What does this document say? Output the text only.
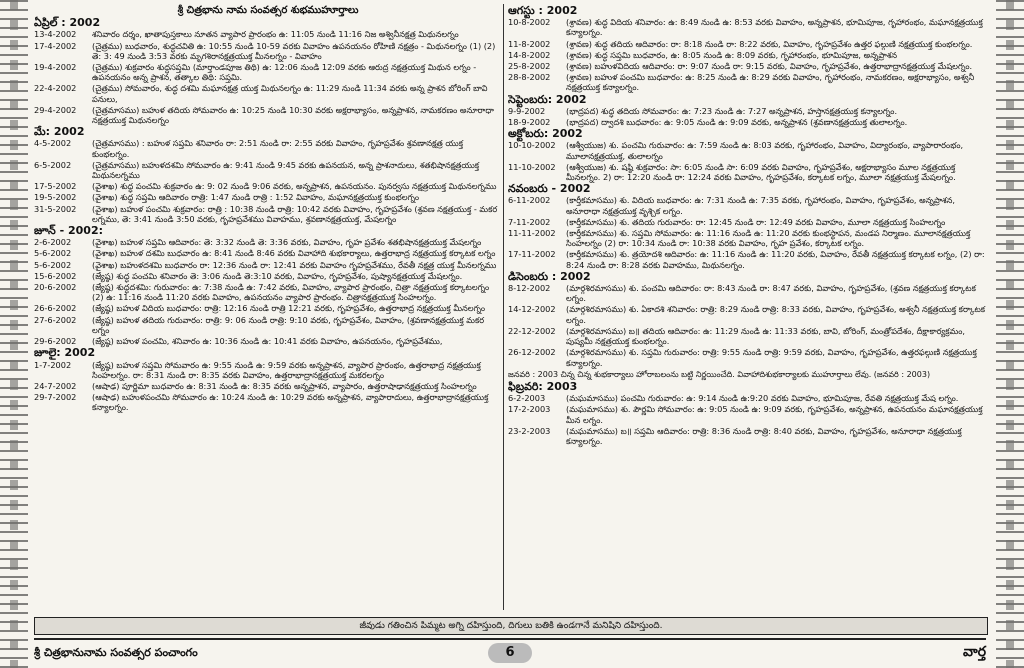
శ్రీ చిత్రభాను నామ సంవత్సర శుభముహూర్తాలు
ఏప్రిల్ : 2002
13-4-2002	శనివారం దర్శం, ఖాతాపుస్తకాలు నూతన వ్యాపార ప్రారంభం ఉ: 11:05 నుండి 11:16 నిజ అశ్వినీనక్షత్ర మిథునలగ్నం
17-4-2002	(చైత్రము) బుధవారం, శుద్ధచవితి ఉ: 10:55 నుండి 10-59 వరకు వివాహం ఉపనయనం రోహిణి నక్షత్రం - మిథునలగ్నం (1) (2) తె: 3: 49 నుండి 3:53 వరకు మృగశిరానక్షత్రయుక్త మీనలగ్నం - వివాహం
19-4-2002	(చైత్రము) శుక్రవారం శుద్ధసప్తమి (మార్తాండపూజ తిథి) ఉ: 12:06 నుండి 12:09 వరకు ఆరుద్ర నక్షత్రయుక్త మిథున లగ్నం - ఉపనయనం అన్న ప్రాశన, తత్కాల తిథి: సప్తమి.
22-4-2002	(చైత్రము) సోమవారం, శుద్ధ దశమి మఘానక్షత్ర యుక్త మిథునలగ్నం ఉ: 11:29 నుండి 11:34 వరకు అన్న ప్రాశన బోరింగ్ బావి పనులు,
29-4-2002	(చైత్రమాసము) బహుళ తదియ సోమవారం ఉ: 10:25 నుండి 10:30 వరకు అక్షరాభ్యాసం, అన్నప్రాశన, నామకరణం అనూరాధా నక్షత్రయుక్త మిథునలగ్నం
మే: 2002
4-5-2002	(చైత్రమాసము) : బహుళ సప్తమి శనివారం రా: 2:51 నుండి రా: 2:55 వరకు వివాహం, గృహప్రవేశం శ్రవణానక్షత్ర యుక్త కుంభలగ్నం.
6-5-2002	(చైత్రమాసము) బహుళదశమి సోమవారం ఉ: 9:41 నుండి 9:45 వరకు ఉపనయన, అన్న ప్రాశనాదులు, శతభిషానక్షత్రయుక్త మిథునలగ్నము
17-5-2002	(వైశాఖ) శుద్ధ పంచమి శుక్రవారం ఉ: 9: 02 నుండి 9:06 వరకు, అన్నప్రాశన, ఉపనయనం. పునర్వసు నక్షత్రయుక్త మిథునలగ్నము
19-5-2002	(వైశాఖ) శుద్ధ సప్తమి ఆదివారం రాత్రి: 1:47 నుండి రాత్రి : 1:52 వివాహం, మఘానక్షత్రయుక్త కుంభలగ్నం
31-5-2002	(వైశాఖ) బహుళ పంచమి శుక్రవారం: రాత్రి : 10:38 నుండి రాత్రి: 10:42 వరకు వివాహం, గృహప్రవేశం (శ్రవణ నక్షత్రయుక్త - మకర లగ్నము, తె: 3:41 నుండి 3:50 వరకు, గృహప్రవేశము వివాహము, శ్రవణానక్షత్రయుక్త, మేషలగ్నం
జూన్ - 2002:
2-6-2002	(వైశాఖ) బహుళ సప్తమి ఆదివారం: తె: 3:32 నుండి తె: 3:36 వరకు, వివాహం, గృహ ప్రవేశం శతభిషానక్షత్రయుక్త మేషలగ్నం
5-6-2002	(వైశాఖ) బహుళ దశమి బుధవారం ఉ: 8:41 నుండి 8:46 వరకు వివాహాది శుభకార్యాలు, ఉత్తరాభాద్ర నక్షత్రయుక్త కర్కాటక లగ్నం
5-6-2002	(వైశాఖ) బహుళదశమి బుధవారం రా: 12:36 నుండి రా: 12:41 వరకు వివాహం గృహప్రవేశము, రేవతీ నక్షత్ర యుక్త మీనలగ్నము
15-6-2002	(జ్యేష్ఠ) శుద్ధ పంచమి శనివారం తె: 3:06 నుండి తె:3:10 వరకు, వివాహం, గృహప్రవేశం, పుష్యానక్షత్రయుక్త మేషలగ్నం.
20-6-2002	(జ్యేష్ఠ) శుద్ధదశమి: గురువారం: ఉ: 7:38 నుండి ఉ: 7:42 వరకు, వివాహం, వ్యాపార ప్రారంభం, చిత్రా నక్షత్రయుక్త కర్కాటలగ్నం (2) ఉ: 11:16 నుండి 11:20 వరకు వివాహం, ఉపనయనం వ్యాపార ప్రారంభం. చిత్రానక్షత్రయుక్త సింహలగ్నం.
26-6-2002	(జ్యేష్ఠ) బహుళ విదియ బుధవారం: రాత్రి: 12:16 నుండి రాత్రి 12:21 వరకు, గృహప్రవేశం, ఉత్తరాభాద్ర నక్షత్రయుక్త మీనలగ్నం
27-6-2002	(జ్యేష్ఠ) బహుళ తదియ గురువారం: రాత్రి: 9: 06 నుండి రాత్రి: 9:10 వరకు, గృహప్రవేశం, వివాహం, (శ్రవణానక్షత్రయుక్త మకర లగ్నం
29-6-2002	(జ్యేష్ఠ) బహుళ పంచమి, శనివారం ఉ: 10:36 నుండి ఉ: 10:41 వరకు వివాహం, ఉపనయనం, గృహప్రవేశము,
జూలై: 2002
1-7-2002	(జ్యేష్ఠ) బహుళ సప్తమి సోమవారం ఉ: 9:55 నుండి ఉ: 9:59 వరకు అన్నప్రాశన, వ్యాపార ప్రారంభం, ఉత్తరాభాద్ర నక్షత్రయుక్త సింహలగ్నం. రా: 8:31 నుండి రా: 8:35 వరకు వివాహం, ఉత్తరాభాద్రానక్షత్రయుక్త మకరలగ్నం
24-7-2002	(ఆషాఢ) పూర్ణిమా బుధవారం ఉ: 8:31 నుండి ఉ: 8:35 వరకు అన్నప్రాశన, వ్యాపారం, ఉత్తరాషాఢానక్షత్రయుక్త సింహలగ్నం
29-7-2002	(ఆషాఢ) బహుళపంచమి సోమవారం ఉ: 10:24 నుండి ఉ: 10:29 వరకు అన్నప్రాశన, వ్యాపారాదులు, ఉత్తరాభాద్రానక్షత్రయుక్త కన్యాలగ్నం.
ఆగస్టు : 2002
10-8-2002	(శ్రావణ) శుద్ధ విదియ శనివారం: ఉ: 8:49 నుండి ఉ: 8:53 వరకు వివాహం, అన్నప్రాశన, భూమిపూజ, గృహారంభం, మఘానక్షత్రయుక్త కన్యాలగ్నం.
11-8-2002	(శ్రావణ) శుద్ధ తదియ ఆదివారం: రా: 8:18 నుండి రా: 8:22 వరకు, వివాహం, గృహప్రవేశం ఉత్తర ఫల్గుణి నక్షత్రయుక్త కుంభలగ్నం.
14-8-2002	(శ్రావణ) శుద్ధ సప్తమి బుధవారం, ఉ: 8:05 నుండి ఉ: 8:09 వరకు, గృహారంభం, భూమిపూజ, అన్నప్రాశన
25-8-2002	(శ్రావణ) బహుళవిదియ ఆదివారం: రా: 9:07 నుండి రా: 9:15 వరకు, వివాహం, గృహప్రవేశం, ఉత్తరాభాద్రానక్షత్రయుక్త మేషలగ్నం.
28-8-2002	(శ్రావణ) బహుళ పంచమి బుధవారం: ఉ: 8:25 నుండి ఉ: 8:29 వరకు వివాహం, గృహారంభం, నామకరణం, అక్షరాభ్యాసం, అశ్వనీ నక్షత్రయుక్త కన్యాలగ్నం.
సెప్టెంబరు: 2002
9-9-2002	(భాద్రపద) శుద్ధ తదియ సోమవారం: ఉ: 7:23 నుండి ఉ: 7:27 అన్నప్రాశన, హస్తానక్షత్రయుక్త కన్యాలగ్నం.
18-9-2002	(భాద్రపద) ద్వాదశి బుధవారం: ఉ: 9:05 నుండి ఉ: 9:09 వరకు, అన్నప్రాశన (శ్రవణానక్షత్రయుక్త తులాలగ్నం.
అక్టోబరు: 2002
10-10-2002	(ఆశ్వీయుజ) శు. పంచమి గురువారం: ఉ: 7:59 నుండి ఉ: 8:03 వరకు, గృహారంభం, వివాహం, విద్యారంభం, వ్యాపారారంభం, మూలానక్షత్రయుక్త, తులాలగ్నం
11-10-2002	(ఆశ్వీయుజ) శు. షష్ఠి శుక్రవారం: సా: 6:05 నుండి సా: 6:09 వరకు వివాహం, గృహప్రవేశం, అక్షరాభ్యాసం మూల నక్షత్రయుక్త మీనలగ్నం. 2) రా: 12:20 నుండి రా: 12:24 వరకు వివాహం, గృహప్రవేశం, కర్కాటక లగ్నం, మూలా నక్షత్రయుక్త మేషలగ్నం.
నవంబరు - 2002
6-11-2002	(కార్తీకమాసము) శు. విదియ బుధవారం: ఉ: 7:31 నుండి ఉ: 7:35 వరకు, గృహారంభం, వివాహం, గృహప్రవేశం, అన్నప్రాశన, అనూరాధా నక్షత్రయుక్త వృశ్చిక లగ్నం.
7-11-2002	(కార్తీకమాసము) శు. తదియ గురువారం: రా: 12:45 నుండి రా: 12:49 వరకు వివాహం, మూలా నక్షత్రయుక్త సింహలగ్నం
11-11-2002	(కార్తీకమాసము) శు. సప్తమి సోమవారం: ఉ: 11:16 నుండి ఉ: 11:20 వరకు కుంభస్థాపన, మండప నిర్మాణం. మూలానక్షత్రయుక్త సింహలగ్నం (2) రా: 10:34 నుండి రా: 10:38 వరకు వివాహం, గృహ ప్రవేశం, కర్కాటక లగ్నం.
17-11-2002	(కార్తీకమాసము) శు. త్రయోదశి ఆదివారం: ఉ: 11:16 నుండి ఉ: 11:20 వరకు, వివాహం, రేవతీ నక్షత్రయుక్త కర్కాటక లగ్నం, (2) రా: 8:24 నుండి రా: 8:28 వరకు వివాహము, మిథునలగ్నం.
డిసెంబరు : 2002
8-12-2002	(మార్గశిరమాసము) శు. పంచమి ఆదివారం: రా: 8:43 నుండి రా: 8:47 వరకు, వివాహం, గృహప్రవేశం, (శ్రవణ నక్షత్రయుక్త కర్కాటక లగ్నం.
14-12-2002	(మార్గశిరమాసము) శు. ఏకాదశి శనివారం: రాత్రి: 8:29 నుండి రాత్రి: 8:33 వరకు, వివాహం, గృహప్రవేశం, అశ్వనీ నక్షత్రయుక్త కర్కాటక లగ్నం.
22-12-2002	(మార్గశిరమాసము) బ॥ తదియ ఆదివారం: ఉ: 11:29 నుండి ఉ: 11:33 వరకు, బావి, బోరింగ్, మంత్రోపదేశం, దీక్షాకార్యక్రమం, పుష్యమీ నక్షత్రయుక్త కుంభలగ్నం.
26-12-2002	(మార్గశిరమాసము) శు. సప్తమి గురువారం: రాత్రి: 9:55 నుండి రాత్రి: 9:59 వరకు, వివాహం, గృహప్రవేశం, ఉత్తరఫల్గుణి నక్షత్రయుక్త కన్యాలగ్నం.
జనవరి : 2003 చిన్న చిన్న శుభకార్యాలు హోరాబలంను బట్టి నిర్ణయించేది. వివాహాదిశుభకార్యాలకు ముహూర్తాలు లేవు. (జనవరి : 2003)
ఫిబ్రవరి: 2003
6-2-2003	(మఘమాసము) పంచమి గురువారం: ఉ: 9:14 నుండి ఉ:9:20 వరకు వివాహం, భూమిపూజ, రేవతి నక్షత్రయుక్త మేష లగ్నం.
17-2-2003	(మఘమాసము) శు. పౌర్ణమి సోమవారం: ఉ: 9:05 నుండి ఉ: 9:09 వరకు, గృహప్రవేశం, అన్నప్రాశన, ఉపనయనం మఘానక్షత్రయుక్త మీన లగ్నం.
23-2-2003	(మఘమాసము) బ॥ సప్తమి ఆదివారం: రాత్రి: 8:36 నుండి రాత్రి: 8:40 వరకు, వివాహం, గృహప్రవేశం, అనూరాధా నక్షత్రయుక్త కన్యాలగ్నం.
జీవుడు గతించిన పిమ్మట అగ్ని దహిస్తుంది, దిగులు బతికి ఉండగానే మనిషిని దహిస్తుంది.
శ్రీ చిత్రభానునామ సంవత్సర పంచాంగం	6	వార్త
